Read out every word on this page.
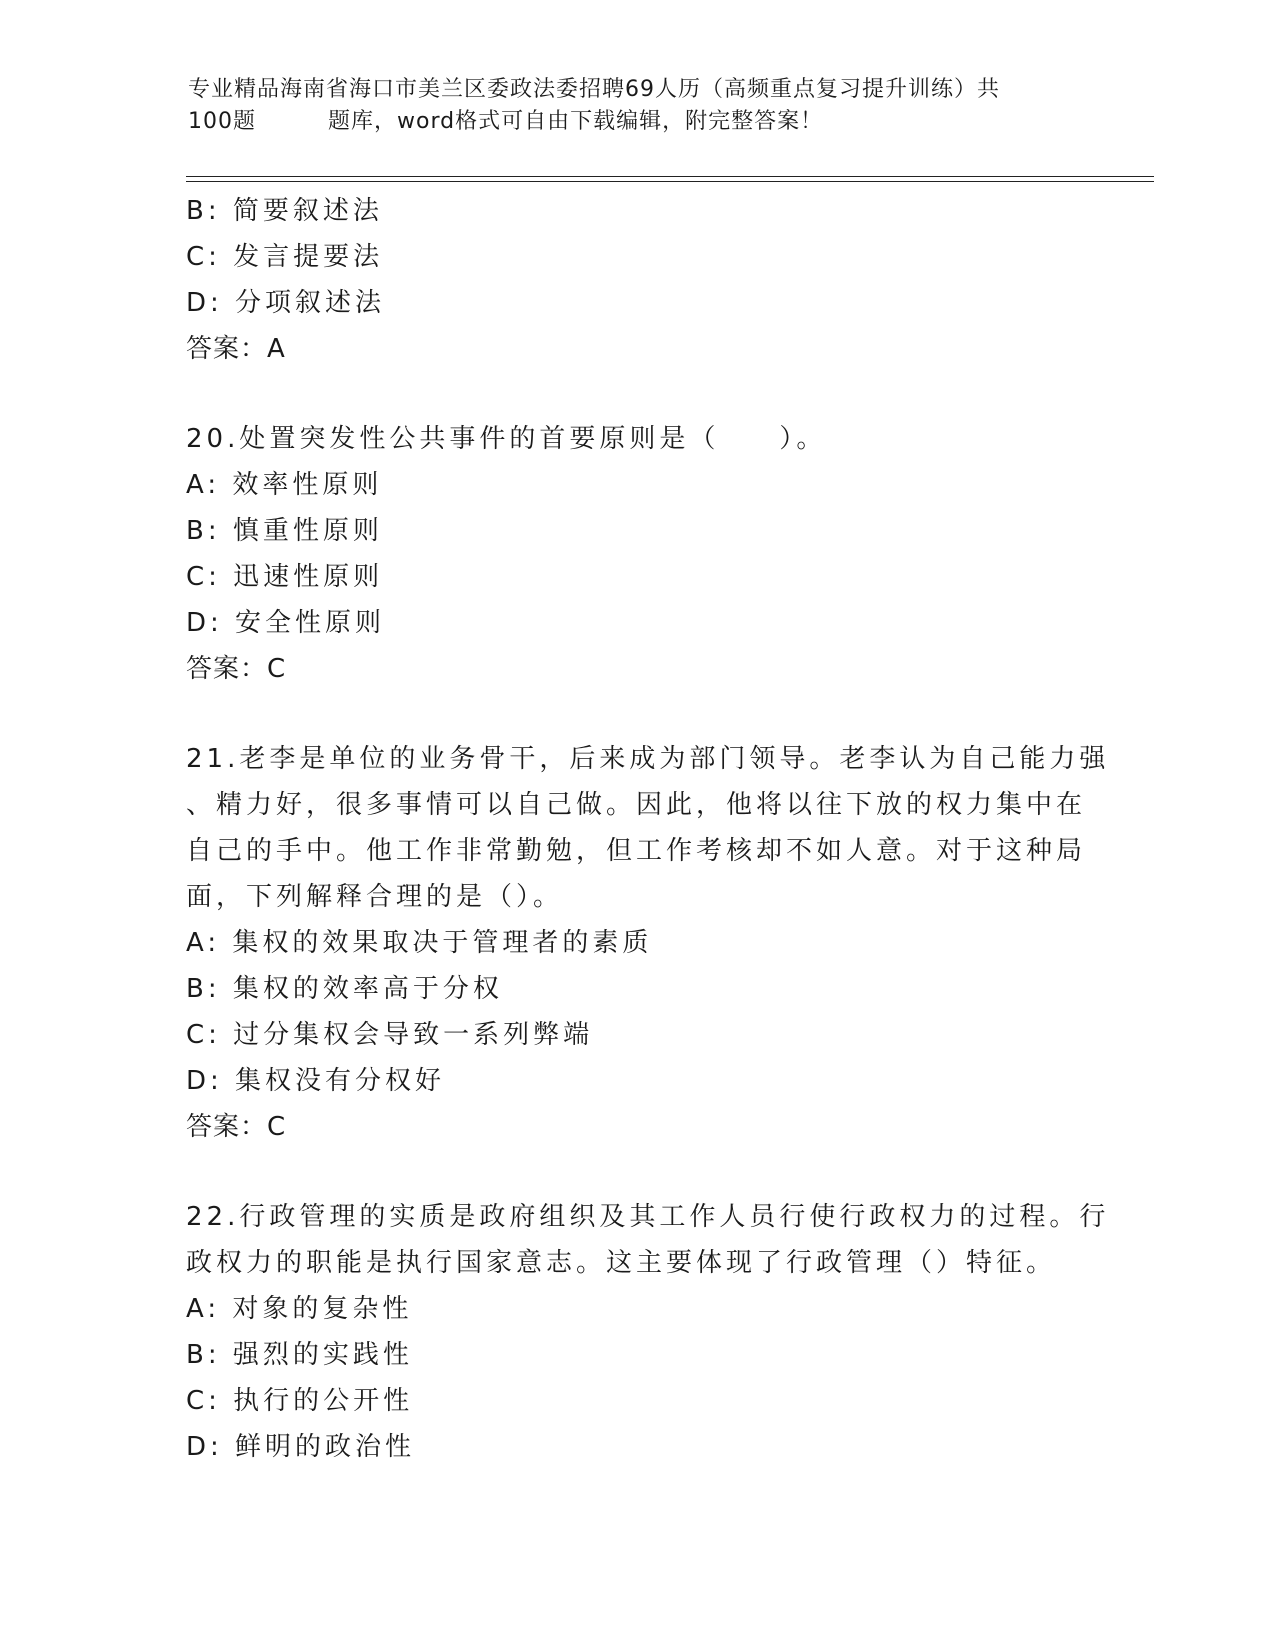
专业精品海南省海口市美兰区委政法委招聘69人历（高频重点复习提升训练）共
100题	题库，word格式可自由下载编辑，附完整答案！
B: 简要叙述法
C: 发言提要法
D: 分项叙述法
答案：A
20.处置突发性公共事件的首要原则是（　　）。
A: 效率性原则
B: 慎重性原则
C: 迅速性原则
D: 安全性原则
答案：C
21.老李是单位的业务骨干，后来成为部门领导。老李认为自己能力强
、精力好，很多事情可以自己做。因此，他将以往下放的权力集中在
自己的手中。他工作非常勤勉，但工作考核却不如人意。对于这种局
面，下列解释合理的是（）。
A: 集权的效果取决于管理者的素质
B: 集权的效率高于分权
C: 过分集权会导致一系列弊端
D: 集权没有分权好
答案：C
22.行政管理的实质是政府组织及其工作人员行使行政权力的过程。行
政权力的职能是执行国家意志。这主要体现了行政管理（）特征。
A: 对象的复杂性
B: 强烈的实践性
C: 执行的公开性
D: 鲜明的政治性
